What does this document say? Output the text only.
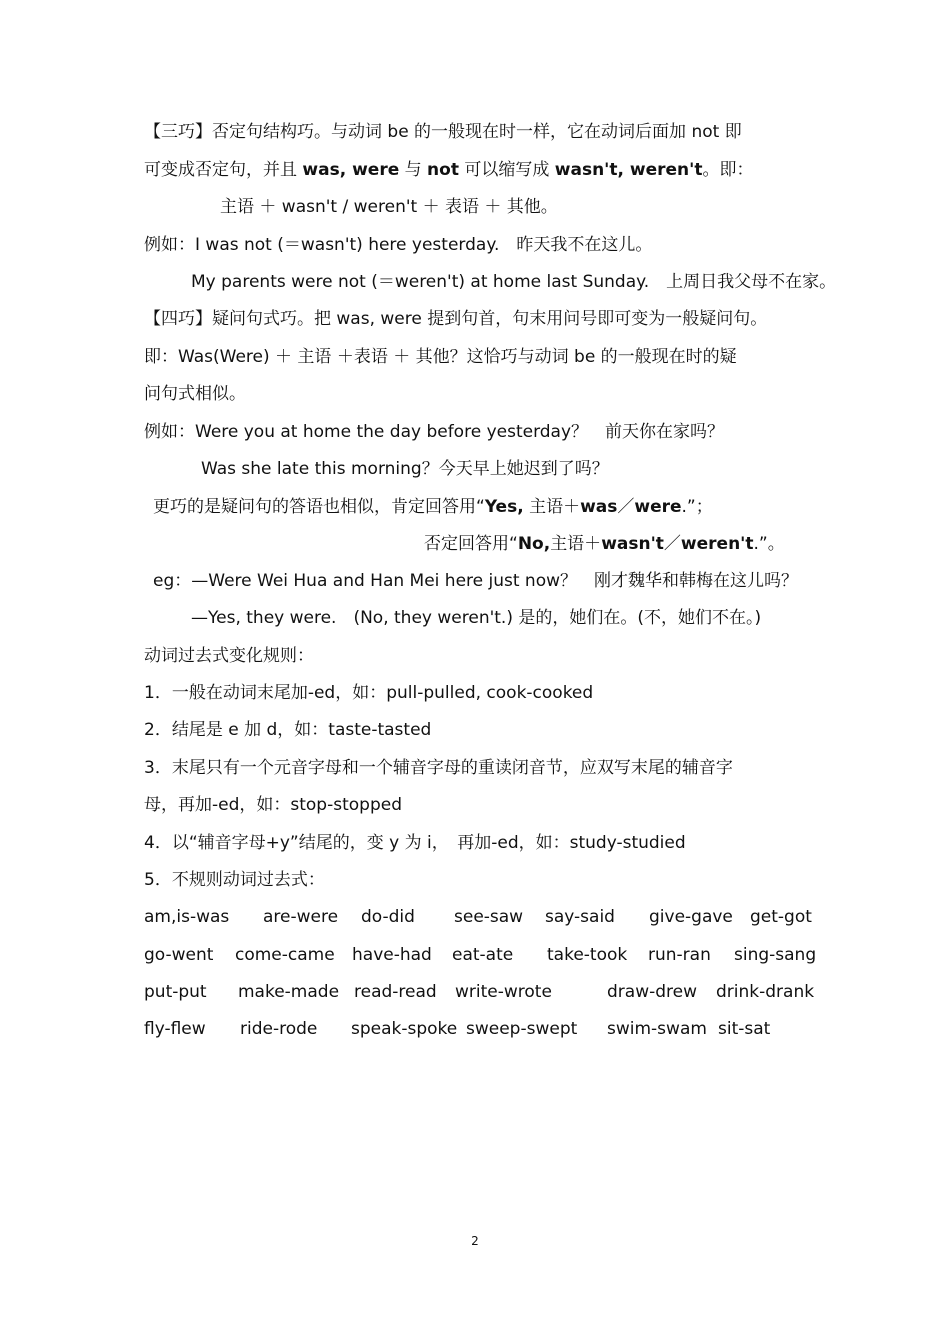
【三巧】否定句结构巧。与动词 be 的一般现在时一样，它在动词后面加 not 即
可变成否定句，并且 was, were 与 not 可以缩写成 wasn't, weren't。即：
主语 ＋ wasn't / weren't ＋ 表语 ＋ 其他。
例如：I was not (＝wasn't) here yesterday.　昨天我不在这儿。
My parents were not (＝weren't) at home last Sunday.　上周日我父母不在家。
【四巧】疑问句式巧。把 was, were 提到句首，句末用问号即可变为一般疑问句。
即：Was(Were) ＋ 主语 ＋表语 ＋ 其他？这恰巧与动词 be 的一般现在时的疑
问句式相似。
例如：Were you at home the day before yesterday？　前天你在家吗？
Was she late this morning？今天早上她迟到了吗？
更巧的是疑问句的答语也相似，肯定回答用“Yes, 主语＋was／were.”；
否定回答用“No,主语＋wasn't／weren't.”。
eg：—Were Wei Hua and Han Mei here just now？　刚才魏华和韩梅在这儿吗？
—Yes, they were.　(No, they weren't.) 是的，她们在。(不，她们不在。)
动词过去式变化规则：
1．一般在动词末尾加-ed，如：pull-pulled, cook-cooked
2．结尾是 e 加 d，如：taste-tasted
3．末尾只有一个元音字母和一个辅音字母的重读闭音节，应双写末尾的辅音字
母，再加-ed，如：stop-stopped
4．以“辅音字母+y”结尾的，变 y 为 i，　再加-ed，如：study-studied
5．不规则动词过去式：
am,is-was are-were do-did see-saw say-said give-gave get-got
go-went come-came have-had eat-ate take-took run-ran sing-sang
put-put make-made read-read write-wrote	draw-drew drink-drank
fly-flew ride-rode speak-spoke sweep-swept swim-swam sit-sat
2
